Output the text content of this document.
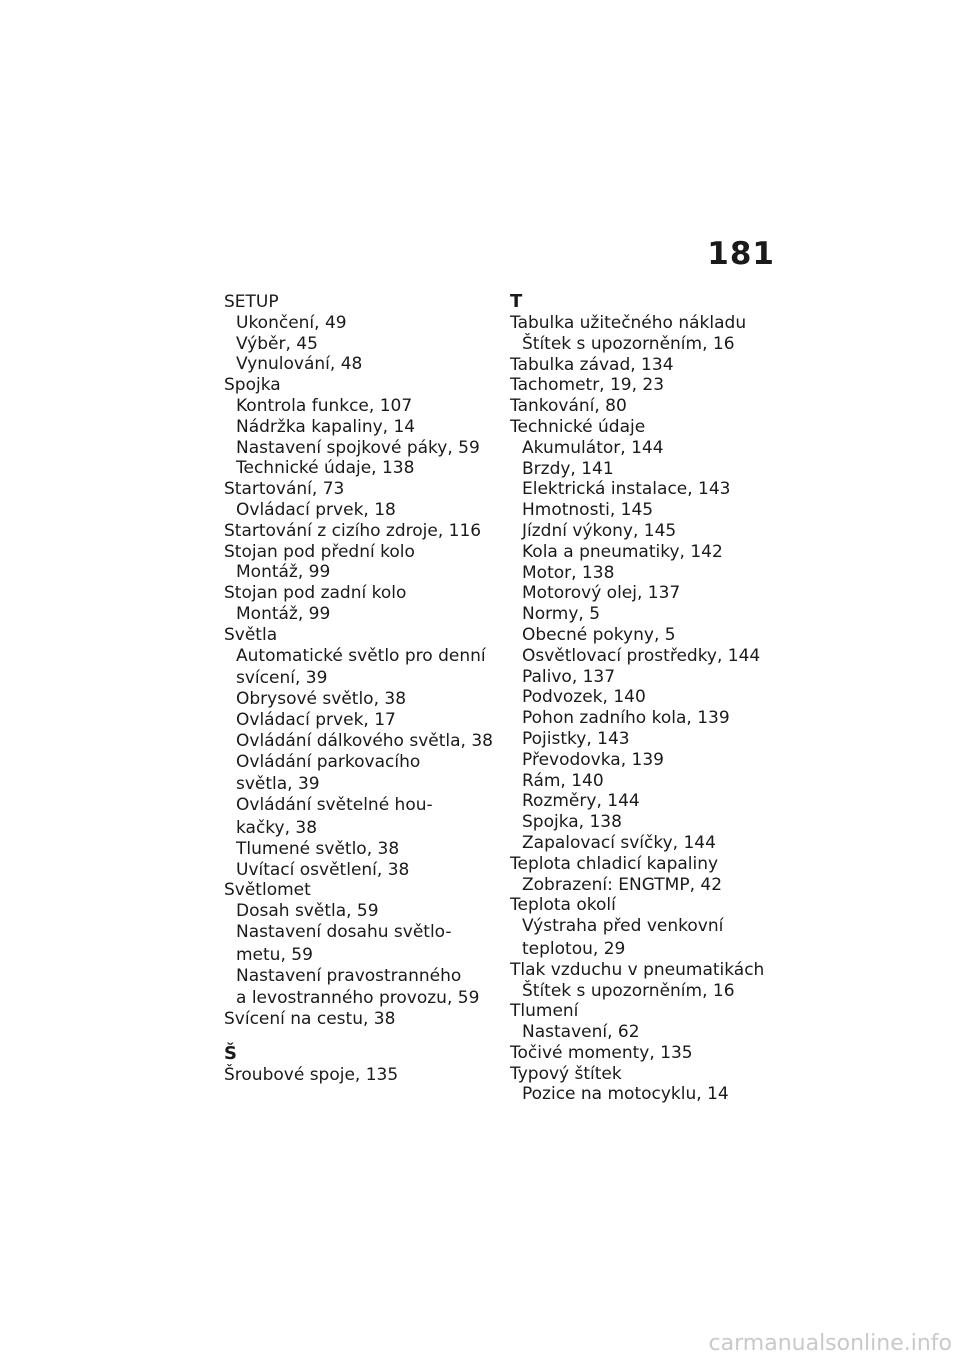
181
SETUP
Ukončení, 49
Výběr, 45
Vynulování, 48
Spojka
Kontrola funkce, 107
Nádržka kapaliny, 14
Nastavení spojkové páky, 59
Technické údaje, 138
Startování, 73
Ovládací prvek, 18
Startování z cizího zdroje, 116
Stojan pod přední kolo
Montáž, 99
Stojan pod zadní kolo
Montáž, 99
Světla
Automatické světlo pro denní
svícení, 39
Obrysové světlo, 38
Ovládací prvek, 17
Ovládání dálkového světla, 38
Ovládání parkovacího
světla, 39
Ovládání světelné hou-
kačky, 38
Tlumené světlo, 38
Uvítací osvětlení, 38
Světlomet
Dosah světla, 59
Nastavení dosahu světlo-
metu, 59
Nastavení pravostranného
a levostranného provozu, 59
Svícení na cestu, 38
Š
Šroubové spoje, 135
T
Tabulka užitečného nákladu
Štítek s upozorněním, 16
Tabulka závad, 134
Tachometr, 19, 23
Tankování, 80
Technické údaje
Akumulátor, 144
Brzdy, 141
Elektrická instalace, 143
Hmotnosti, 145
Jízdní výkony, 145
Kola a pneumatiky, 142
Motor, 138
Motorový olej, 137
Normy, 5
Obecné pokyny, 5
Osvětlovací prostředky, 144
Palivo, 137
Podvozek, 140
Pohon zadního kola, 139
Pojistky, 143
Převodovka, 139
Rám, 140
Rozměry, 144
Spojka, 138
Zapalovací svíčky, 144
Teplota chladicí kapaliny
Zobrazení: ENGTMP, 42
Teplota okolí
Výstraha před venkovní
teplotou, 29
Tlak vzduchu v pneumatikách
Štítek s upozorněním, 16
Tlumení
Nastavení, 62
Točivé momenty, 135
Typový štítek
Pozice na motocyklu, 14
carmanualsonline.info
